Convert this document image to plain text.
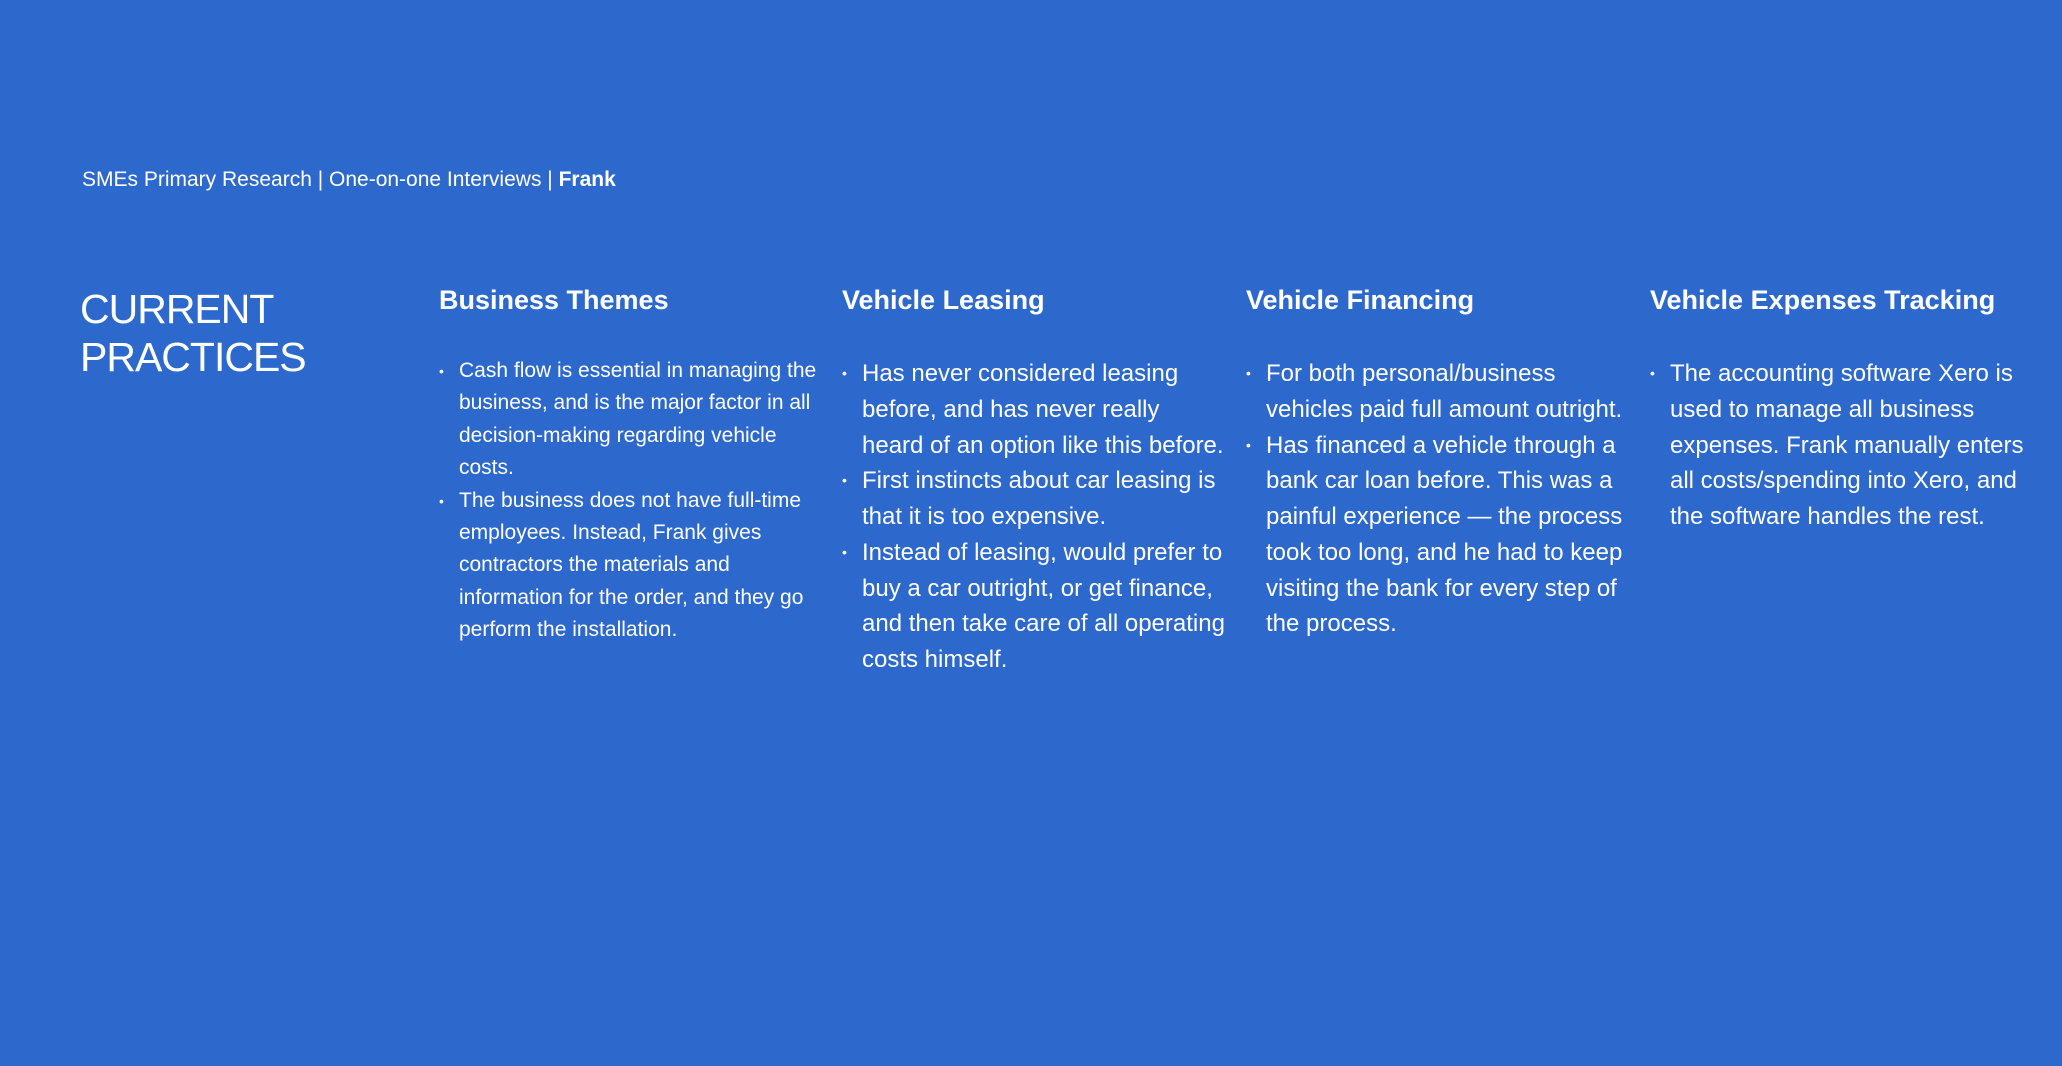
SMEs Primary Research | One-on-one Interviews | Frank
CURRENT
PRACTICES
Business Themes
• Cash flow is essential in managing the business, and is the major factor in all decision-making regarding vehicle costs.
• The business does not have full-time employees. Instead, Frank gives contractors the materials and information for the order, and they go perform the installation.
Vehicle Leasing
• Has never considered leasing before, and has never really heard of an option like this before.
• First instincts about car leasing is that it is too expensive.
• Instead of leasing, would prefer to buy a car outright, or get finance, and then take care of all operating costs himself.
Vehicle Financing
• For both personal/business vehicles paid full amount outright.
• Has financed a vehicle through a bank car loan before. This was a painful experience — the process took too long, and he had to keep visiting the bank for every step of the process.
Vehicle Expenses Tracking
• The accounting software Xero is used to manage all business expenses. Frank manually enters all costs/spending into Xero, and the software handles the rest.
